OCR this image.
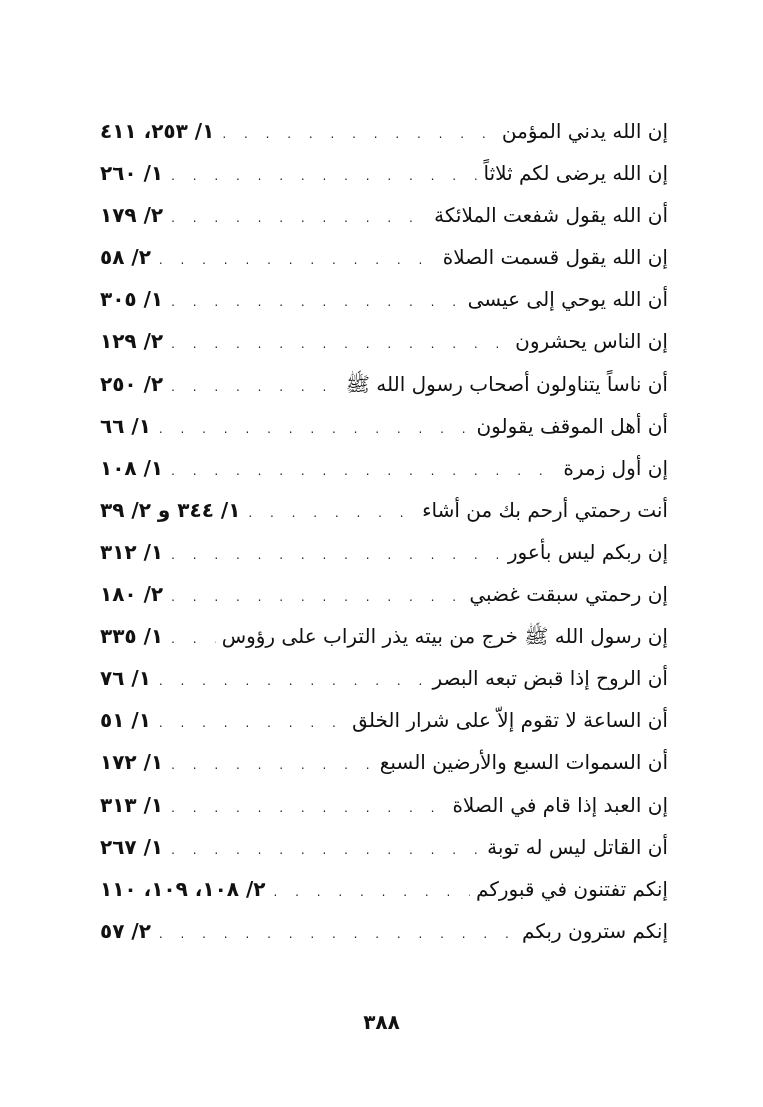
إن الله يدني المؤمن
. . .
١/ ٢٥٣، ٤١١
إن الله يرضى لكم ثلاثاً
. . .
١/ ٢٦٠
أن الله يقول شفعت الملائكة
. . .
٢/ ١٧٩
إن الله يقول قسمت الصلاة
. . .
٢/ ٥٨
أن الله يوحي إلى عيسى
. . .
١/ ٣٠٥
إن الناس يحشرون
. . .
٢/ ١٢٩
أن ناساً يتناولون أصحاب رسول الله ﷺ
. . .
٢/ ٢٥٠
أن أهل الموقف يقولون
. . .
١/ ٦٦
إن أول زمرة
. . .
١/ ١٠٨
أنت رحمتي أرحم بك من أشاء
. . .
١/ ٣٤٤ و ٢/ ٣٩
إن ربكم ليس بأعور
. . .
١/ ٣١٢
إن رحمتي سبقت غضبي
. . .
٢/ ١٨٠
إن رسول الله ﷺ خرج من بيته يذر التراب على رؤوس
. . .
١/ ٣٣٥
أن الروح إذا قبض تبعه البصر
. . .
١/ ٧٦
أن الساعة لا تقوم إلاّ على شرار الخلق
. . .
١/ ٥١
أن السموات السبع والأرضين السبع
. . .
١/ ١٧٢
إن العبد إذا قام في الصلاة
. . .
١/ ٣١٣
أن القاتل ليس له توبة
. . .
١/ ٢٦٧
إنكم تفتنون في قبوركم
. . .
٢/ ١٠٨، ١٠٩، ١١٠
إنكم سترون ربكم
. . .
٢/ ٥٧
٣٨٨
